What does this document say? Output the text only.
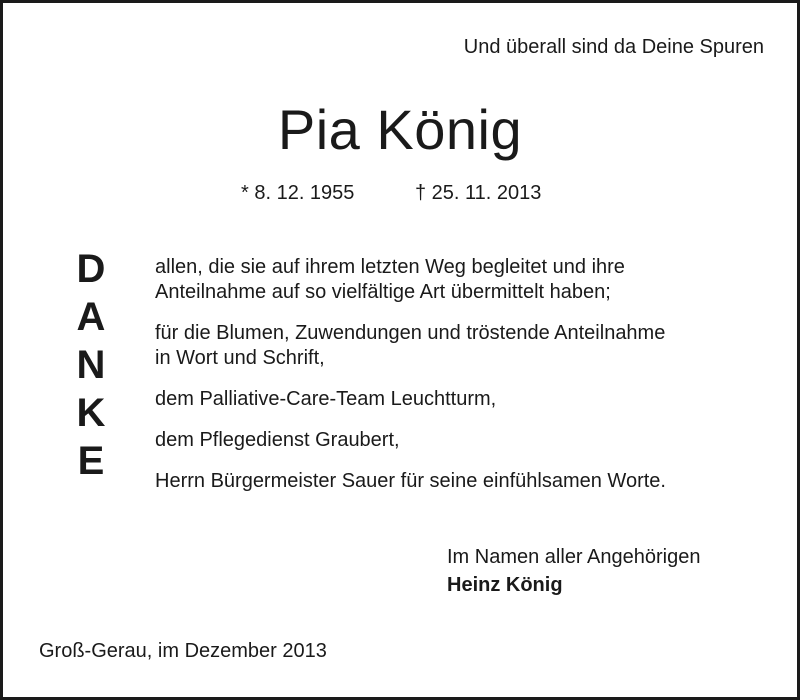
Und überall sind da Deine Spuren
Pia König
* 8. 12. 1955	† 25. 11. 2013
D
A
N
K
E

allen, die sie auf ihrem letzten Weg begleitet und ihre
Anteilnahme auf so vielfältige Art übermittelt haben;

für die Blumen, Zuwendungen und tröstende Anteilnahme
in Wort und Schrift,

dem Palliative-Care-Team Leuchtturm,

dem Pflegedienst Graubert,

Herrn Bürgermeister Sauer für seine einfühlsamen Worte.

Im Namen aller Angehörigen
Heinz König
Groß-Gerau, im Dezember 2013
